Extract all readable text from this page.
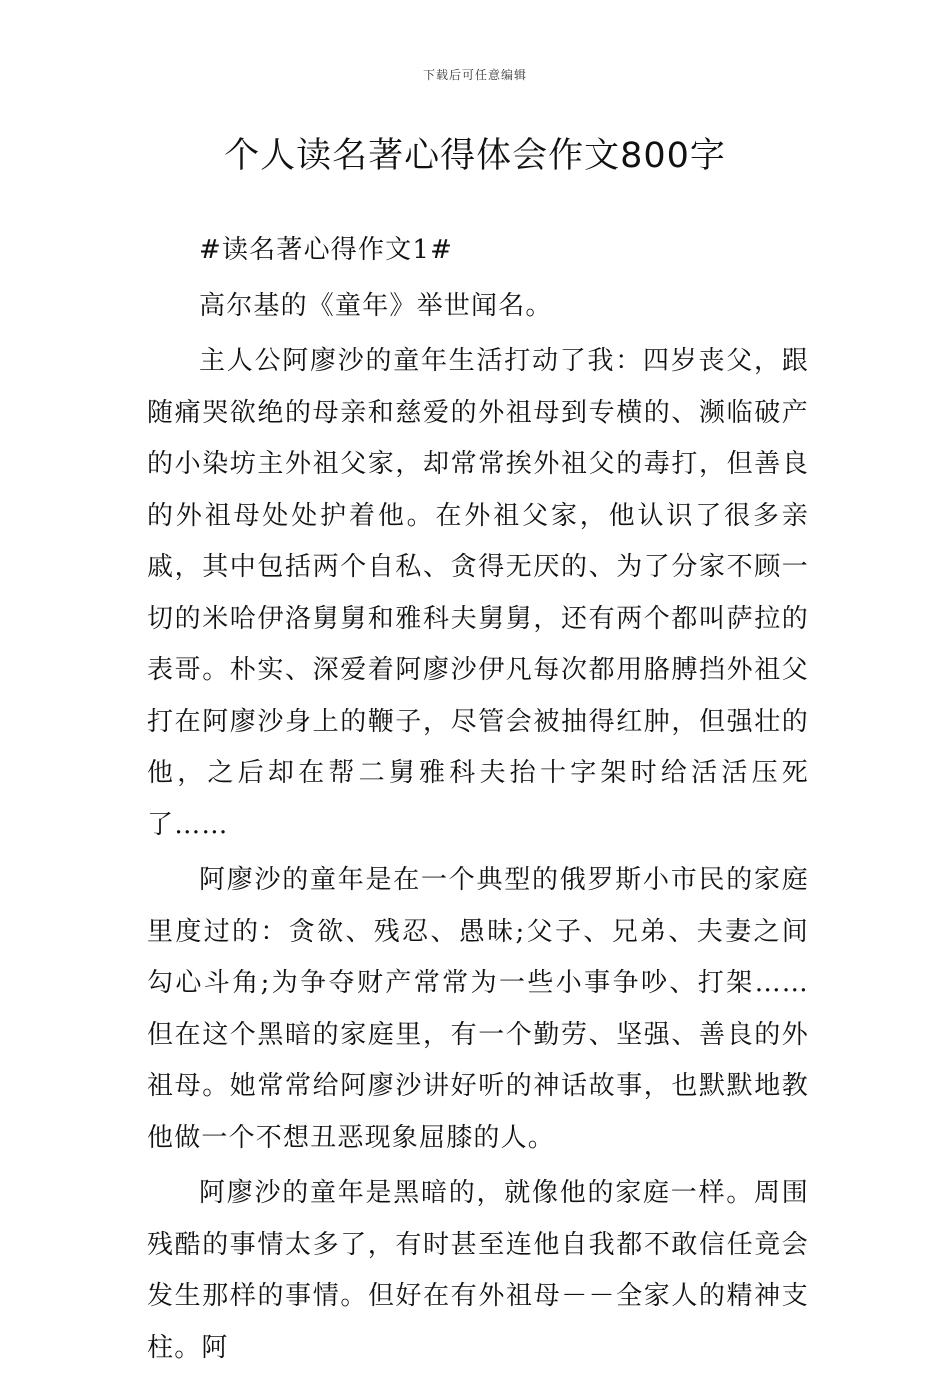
下载后可任意编辑
个人读名著心得体会作文800字

#读名著心得作文1#

高尔基的《童年》举世闻名。

主人公阿廖沙的童年生活打动了我：四岁丧父，跟随痛哭欲绝的母亲和慈爱的外祖母到专横的、濒临破产的小染坊主外祖父家，却常常挨外祖父的毒打，但善良的外祖母处处护着他。在外祖父家，他认识了很多亲戚，其中包括两个自私、贪得无厌的、为了分家不顾一切的米哈伊洛舅舅和雅科夫舅舅，还有两个都叫萨拉的表哥。朴实、深爱着阿廖沙伊凡每次都用胳膊挡外祖父打在阿廖沙身上的鞭子，尽管会被抽得红肿，但强壮的他，之后却在帮二舅雅科夫抬十字架时给活活压死了……

阿廖沙的童年是在一个典型的俄罗斯小市民的家庭里度过的：贪欲、残忍、愚昧;父子、兄弟、夫妻之间勾心斗角;为争夺财产常常为一些小事争吵、打架……但在这个黑暗的家庭里，有一个勤劳、坚强、善良的外祖母。她常常给阿廖沙讲好听的神话故事，也默默地教他做一个不想丑恶现象屈膝的人。

阿廖沙的童年是黑暗的，就像他的家庭一样。周围残酷的事情太多了，有时甚至连他自我都不敢信任竟会发生那样的事情。但好在有外祖母－－全家人的精神支柱。阿
